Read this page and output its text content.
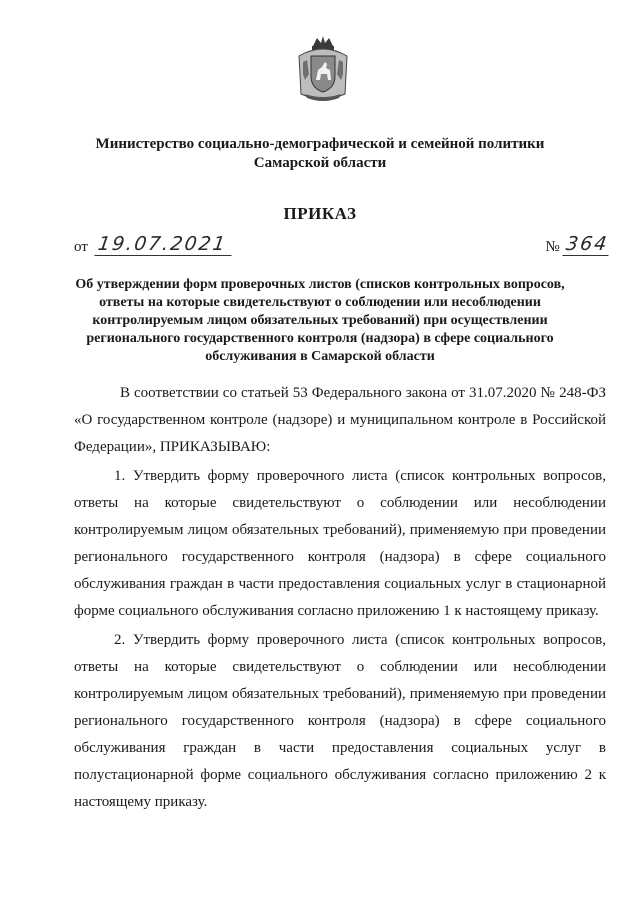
Министерство социально-демографической и семейной политики Самарской области
ПРИКАЗ
от 19.07.2021	№ 364
Об утверждении форм проверочных листов (списков контрольных вопросов, ответы на которые свидетельствуют о соблюдении или несоблюдении контролируемым лицом обязательных требований) при осуществлении регионального государственного контроля (надзора) в сфере социального обслуживания в Самарской области

В соответствии со статьей 53 Федерального закона от 31.07.2020 № 248-ФЗ «О государственном контроле (надзоре) и муниципальном контроле в Российской Федерации», ПРИКАЗЫВАЮ:

1. Утвердить форму проверочного листа (список контрольных вопросов, ответы на которые свидетельствуют о соблюдении или несоблюдении контролируемым лицом обязательных требований), применяемую при проведении регионального государственного контроля (надзора) в сфере социального обслуживания граждан в части предоставления социальных услуг в стационарной форме социального обслуживания согласно приложению 1 к настоящему приказу.

2. Утвердить форму проверочного листа (список контрольных вопросов, ответы на которые свидетельствуют о соблюдении или несоблюдении контролируемым лицом обязательных требований), применяемую при проведении регионального государственного контроля (надзора) в сфере социального обслуживания граждан в части предоставления социальных услуг в полустационарной форме социального обслуживания согласно приложению 2 к настоящему приказу.
